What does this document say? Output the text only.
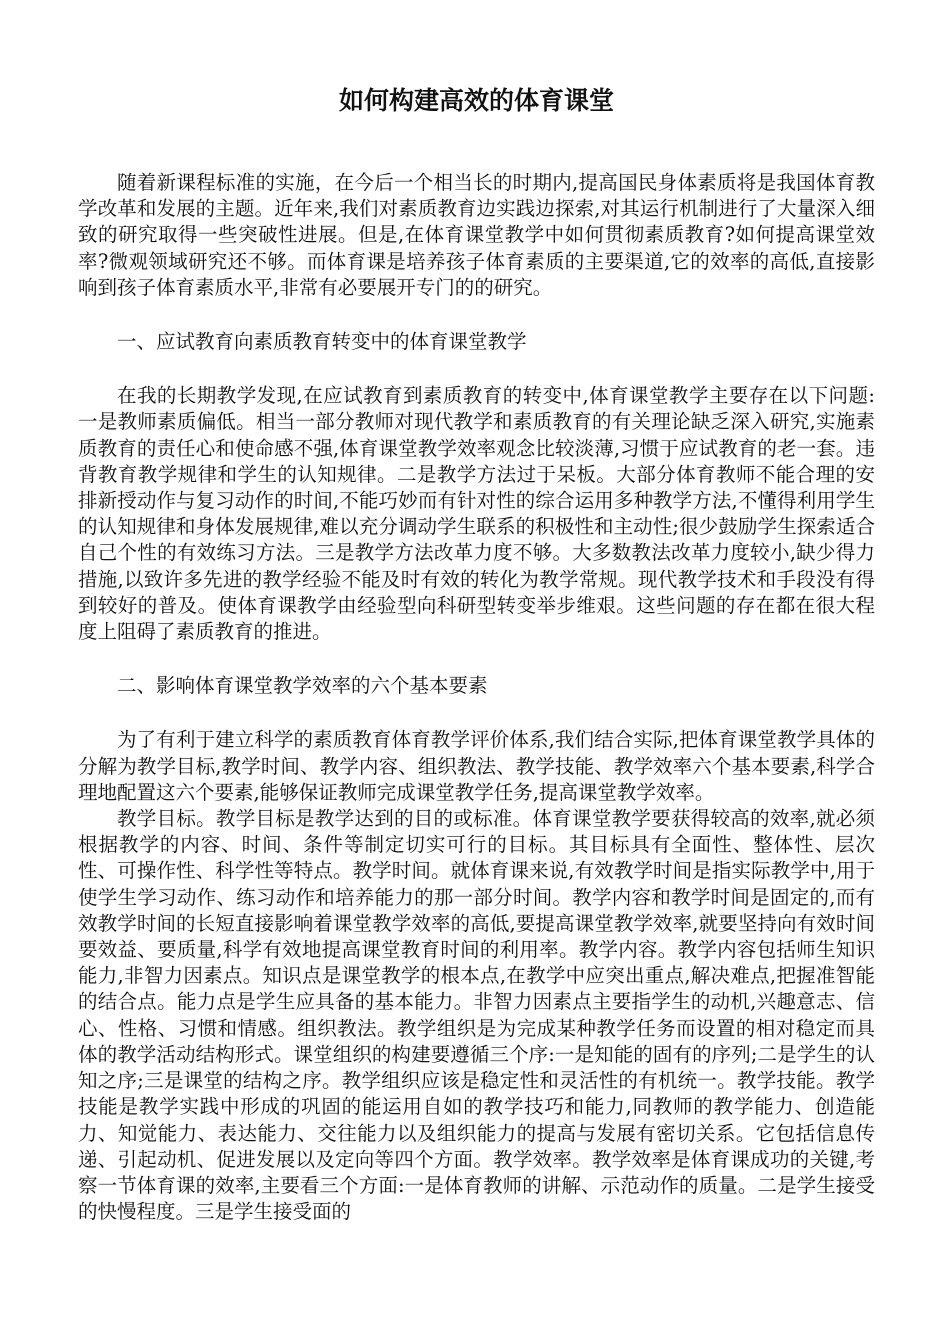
如何构建高效的体育课堂

随着新课程标准的实施，在今后一个相当长的时期内,提高国民身体素质将是我国体育教学改革和发展的主题。近年来,我们对素质教育边实践边探索,对其运行机制进行了大量深入细致的研究取得一些突破性进展。但是,在体育课堂教学中如何贯彻素质教育?如何提高课堂效率?微观领域研究还不够。而体育课是培养孩子体育素质的主要渠道,它的效率的高低,直接影响到孩子体育素质水平,非常有必要展开专门的的研究。

一、应试教育向素质教育转变中的体育课堂教学

在我的长期教学发现,在应试教育到素质教育的转变中,体育课堂教学主要存在以下问题:一是教师素质偏低。相当一部分教师对现代教学和素质教育的有关理论缺乏深入研究,实施素质教育的责任心和使命感不强,体育课堂教学效率观念比较淡薄,习惯于应试教育的老一套。违背教育教学规律和学生的认知规律。二是教学方法过于呆板。大部分体育教师不能合理的安排新授动作与复习动作的时间,不能巧妙而有针对性的综合运用多种教学方法,不懂得利用学生的认知规律和身体发展规律,难以充分调动学生联系的积极性和主动性;很少鼓励学生探索适合自己个性的有效练习方法。三是教学方法改革力度不够。大多数教法改革力度较小,缺少得力措施,以致许多先进的教学经验不能及时有效的转化为教学常规。现代教学技术和手段没有得到较好的普及。使体育课教学由经验型向科研型转变举步维艰。这些问题的存在都在很大程度上阻碍了素质教育的推进。

二、影响体育课堂教学效率的六个基本要素

为了有利于建立科学的素质教育体育教学评价体系,我们结合实际,把体育课堂教学具体的分解为教学目标,教学时间、教学内容、组织教法、教学技能、教学效率六个基本要素,科学合理地配置这六个要素,能够保证教师完成课堂教学任务,提高课堂教学效率。

教学目标。教学目标是教学达到的目的或标准。体育课堂教学要获得较高的效率,就必须根据教学的内容、时间、条件等制定切实可行的目标。其目标具有全面性、整体性、层次性、可操作性、科学性等特点。教学时间。就体育课来说,有效教学时间是指实际教学中,用于使学生学习动作、练习动作和培养能力的那一部分时间。教学内容和教学时间是固定的,而有效教学时间的长短直接影响着课堂教学效率的高低,要提高课堂教学效率,就要坚持向有效时间要效益、要质量,科学有效地提高课堂教育时间的利用率。教学内容。教学内容包括师生知识能力,非智力因素点。知识点是课堂教学的根本点,在教学中应突出重点,解决难点,把握准智能的结合点。能力点是学生应具备的基本能力。非智力因素点主要指学生的动机,兴趣意志、信心、性格、习惯和情感。组织教法。教学组织是为完成某种教学任务而设置的相对稳定而具体的教学活动结构形式。课堂组织的构建要遵循三个序:一是知能的固有的序列;二是学生的认知之序;三是课堂的结构之序。教学组织应该是稳定性和灵活性的有机统一。教学技能。教学技能是教学实践中形成的巩固的能运用自如的教学技巧和能力,同教师的教学能力、创造能力、知觉能力、表达能力、交往能力以及组织能力的提高与发展有密切关系。它包括信息传递、引起动机、促进发展以及定向等四个方面。教学效率。教学效率是体育课成功的关键,考察一节体育课的效率,主要看三个方面:一是体育教师的讲解、示范动作的质量。二是学生接受的快慢程度。三是学生接受面的
